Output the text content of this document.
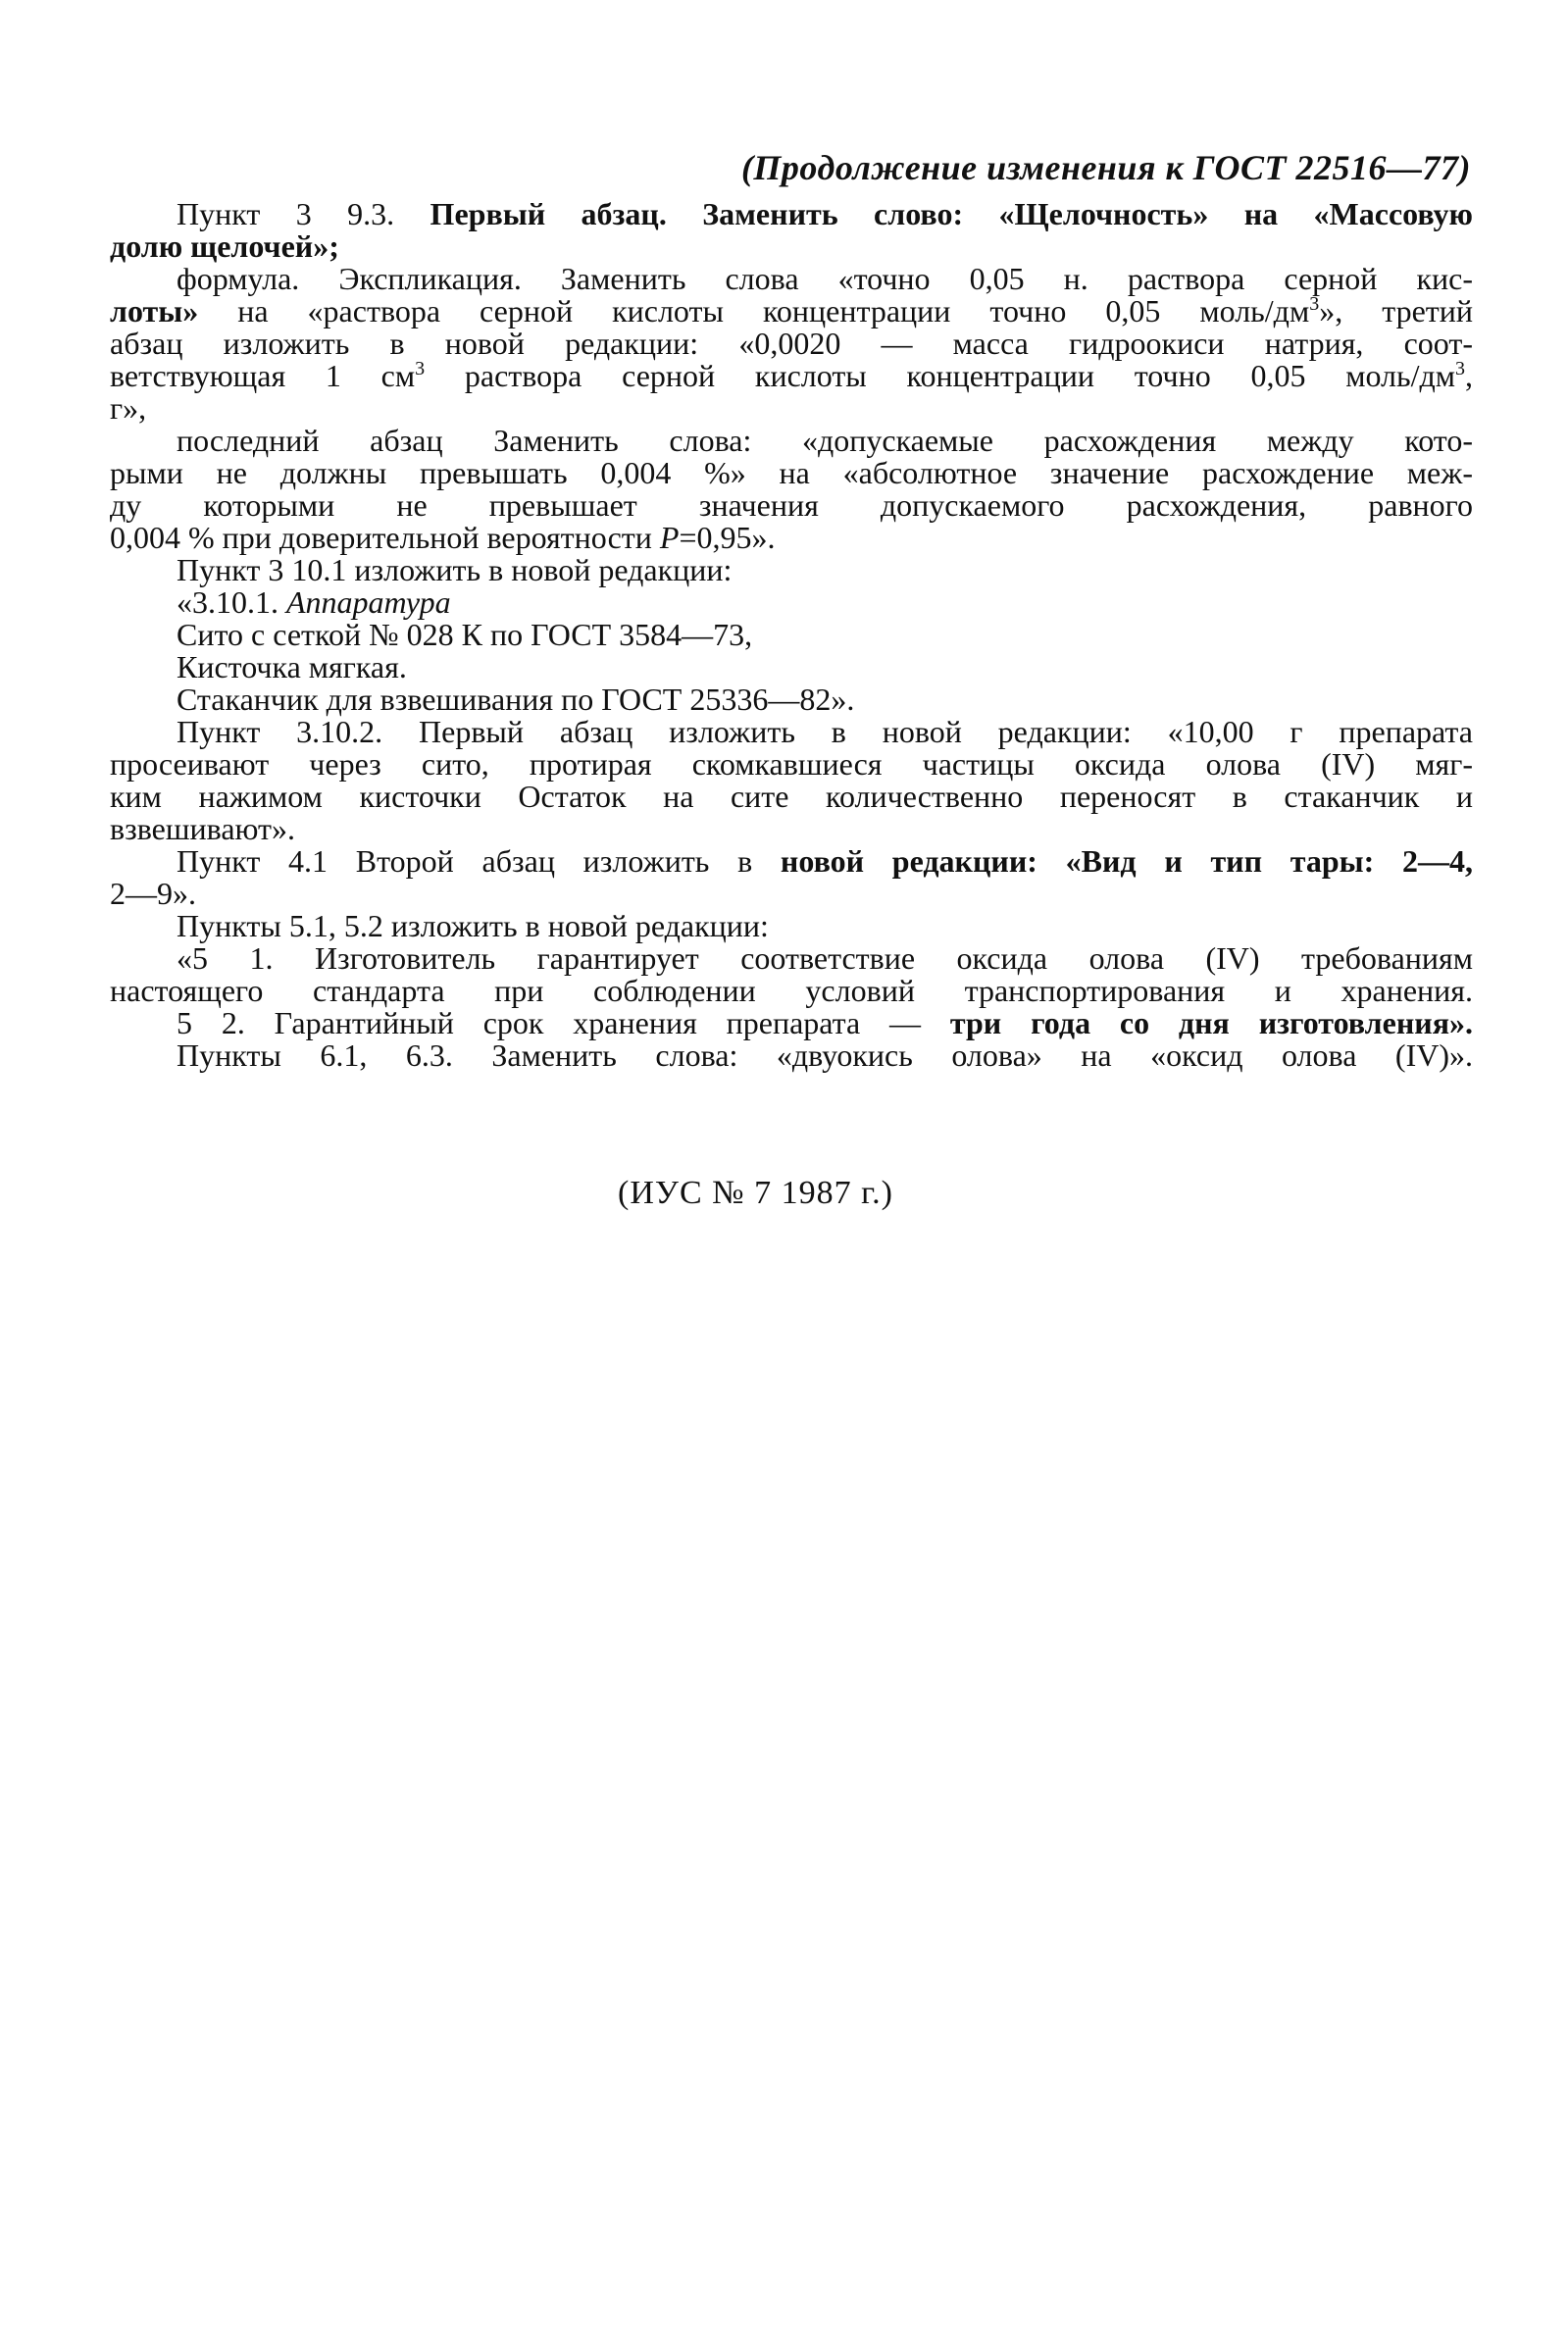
(Продолжение изменения к ГОСТ 22516—77)
Пункт 3 9.3. Первый абзац. Заменить слово: «Щелочность» на «Массовую
долю щелочей»;
формула. Экспликация. Заменить слова «точно 0,05 н. раствора серной кис-
лоты» на «раствора серной кислоты концентрации точно 0,05 моль/$дм^3$», третий
абзац изложить в новой редакции: «0,0020 — масса гидроокиси натрия, соот-
ветствующая 1 $см^3$ раствора серной кислоты концентрации точно 0,05 моль/$дм^3$,
г»,
последний абзац Заменить слова: «допускаемые расхождения между кото-
рыми не должны превышать 0,004 %» на «абсолютное значение расхождение меж-
ду которыми не превышает значения допускаемого расхождения, равного
0,004 % при доверительной вероятности Р=0,95».
Пункт 3 10.1 изложить в новой редакции:
«3.10.1. Аппаратура
Сито с сеткой № 028 К по ГОСТ 3584—73,
Кисточка мягкая.
Стаканчик для взвешивания по ГОСТ 25336—82».
Пункт 3.10.2. Первый абзац изложить в новой редакции: «10,00 г препарата
просеивают через сито, протирая скомкавшиеся частицы оксида олова (IV) мяг-
ким нажимом кисточки Остаток на сите количественно переносят в стаканчик и
взвешивают».
Пункт 4.1 Второй абзац изложить в новой редакции: «Вид и тип тары: 2—4,
2—9».
Пункты 5.1, 5.2 изложить в новой редакции:
«5 1. Изготовитель гарантирует соответствие оксида олова (IV) требованиям
настоящего стандарта при соблюдении условий транспортирования и хранения.
5 2. Гарантийный срок хранения препарата — три года со дня изготовления».
Пункты 6.1, 6.3. Заменить слова: «двуокись олова» на «оксид олова (IV)».
(ИУС № 7 1987 г.)
